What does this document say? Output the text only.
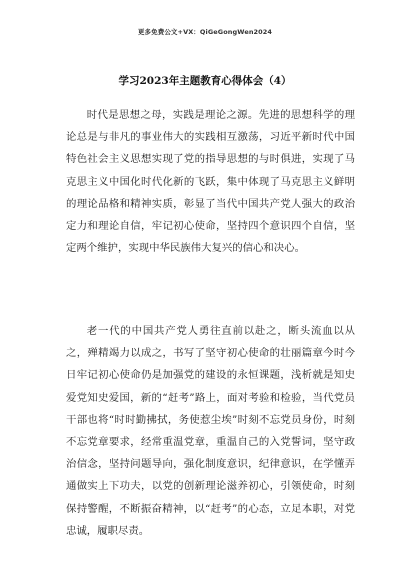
更多免费公文+VX：QiGeGongWen2024
学习2023年主题教育心得体会（4）

时代是思想之母，实践是理论之源。先进的思想科学的理论总是与非凡的事业伟大的实践相互激荡，习近平新时代中国特色社会主义思想实现了党的指导思想的与时俱进，实现了马克思主义中国化时代化新的飞跃，集中体现了马克思主义鲜明的理论品格和精神实质，彰显了当代中国共产党人强大的政治定力和理论自信，牢记初心使命，坚持四个意识四个自信，坚定两个维护，实现中华民族伟大复兴的信心和决心。

老一代的中国共产党人勇往直前以赴之，断头流血以从之，殚精竭力以成之，书写了坚守初心使命的壮丽篇章今时今日牢记初心使命仍是加强党的建设的永恒课题，浅析就是知史爱党知史爱国，新的“赶考”路上，面对考验和检验，当代党员干部也将“时时勤拂拭，务使惹尘埃”时刻不忘党员身份，时刻不忘党章要求，经常重温党章，重温自己的入党誓词，坚守政治信念，坚持问题导向，强化制度意识，纪律意识，在学懂弄通做实上下功夫，以党的创新理论滋养初心，引领使命，时刻保持警醒，不断振奋精神，以“赶考”的心态，立足本职，对党忠诚，履职尽责。
